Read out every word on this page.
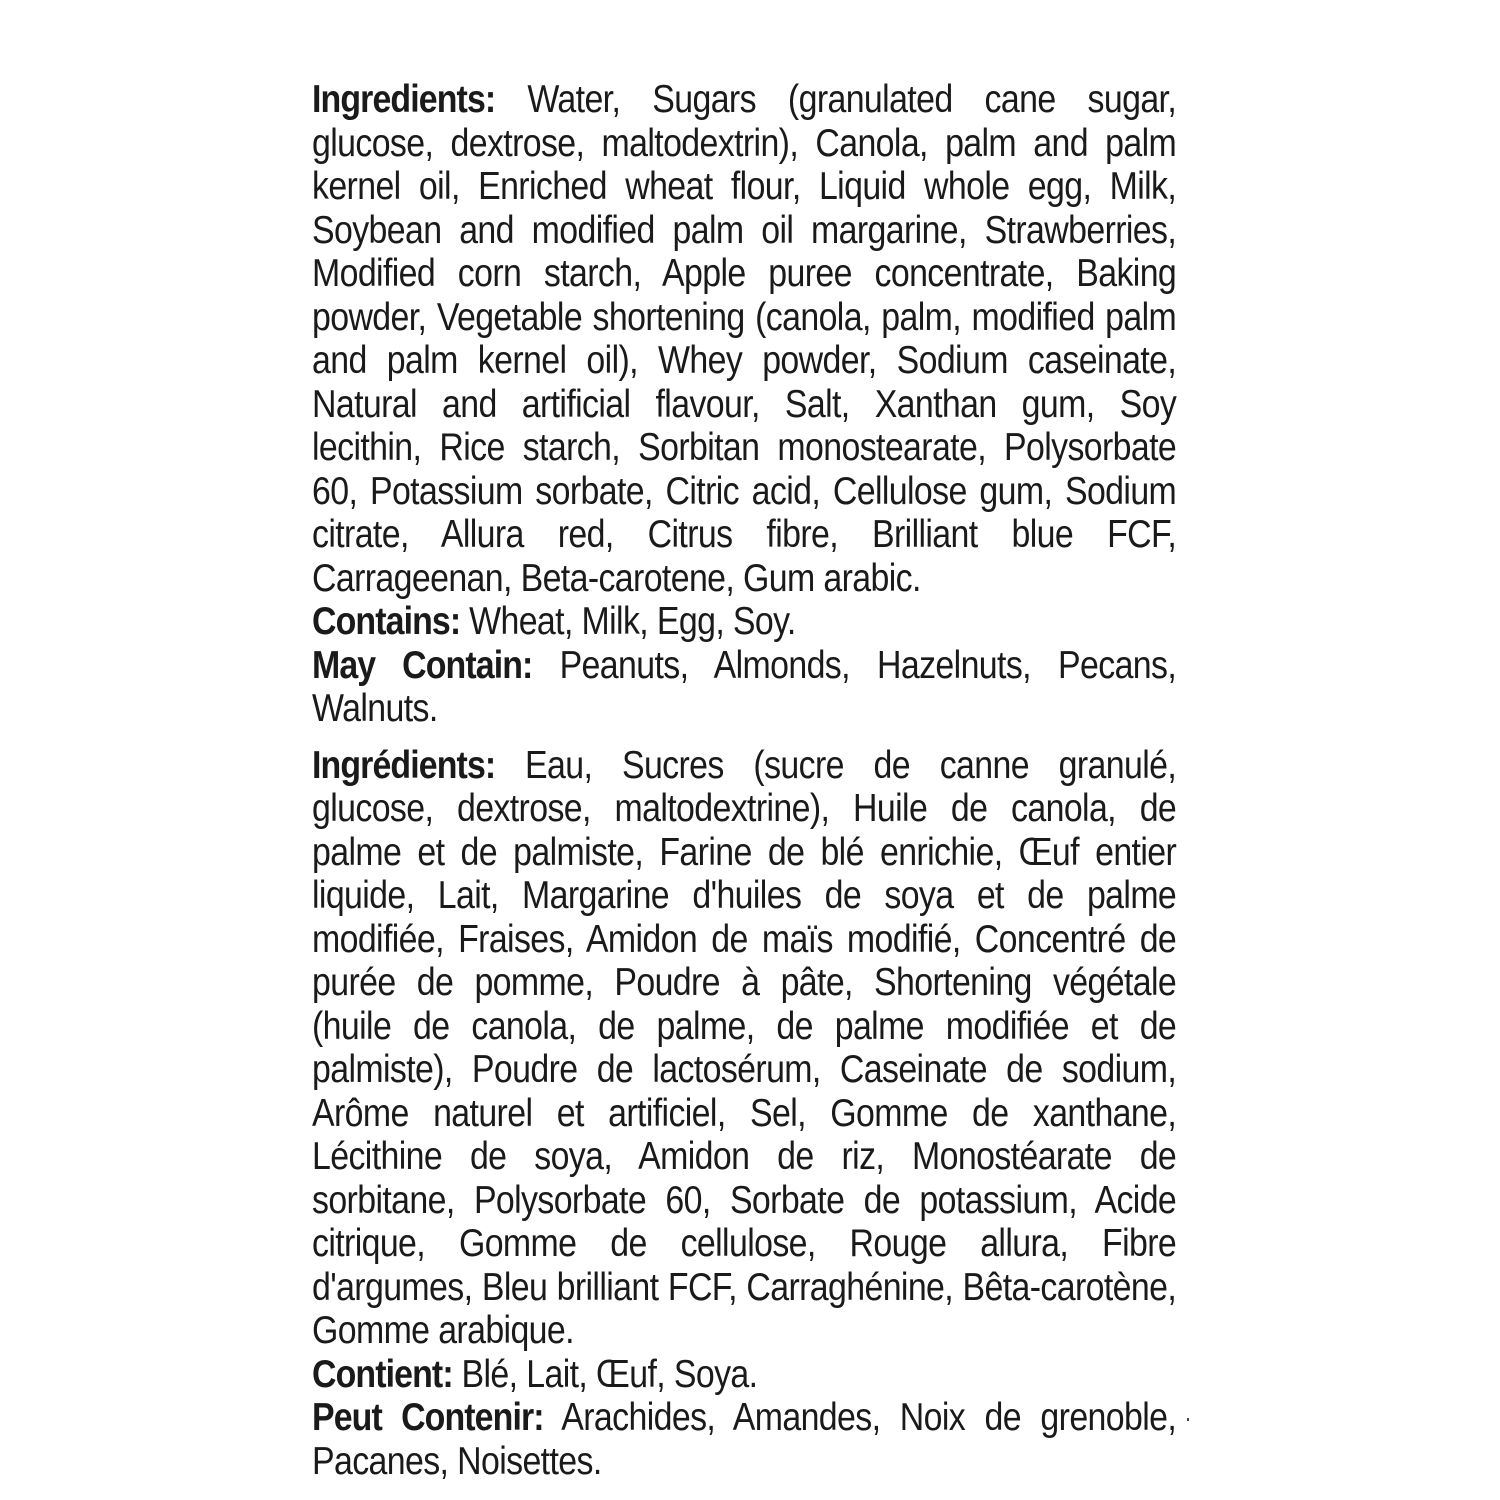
Ingredients: Water, Sugars (granulated cane sugar, glucose, dextrose, maltodextrin), Canola, palm and palm kernel oil, Enriched wheat flour, Liquid whole egg, Milk, Soybean and modified palm oil margarine, Strawberries, Modified corn starch, Apple puree concentrate, Baking powder, Vegetable shortening (canola, palm, modified palm and palm kernel oil), Whey powder, Sodium caseinate, Natural and artificial flavour, Salt, Xanthan gum, Soy lecithin, Rice starch, Sorbitan monostearate, Polysorbate 60, Potassium sorbate, Citric acid, Cellulose gum, Sodium citrate, Allura red, Citrus fibre, Brilliant blue FCF, Carrageenan, Beta-carotene, Gum arabic.

Contains: Wheat, Milk, Egg, Soy.

May Contain: Peanuts, Almonds, Hazelnuts, Pecans, Walnuts.

Ingrédients: Eau, Sucres (sucre de canne granulé, glucose, dextrose, maltodextrine), Huile de canola, de palme et de palmiste, Farine de blé enrichie, Œuf entier liquide, Lait, Margarine d'huiles de soya et de palme modifiée, Fraises, Amidon de maïs modifié, Concentré de purée de pomme, Poudre à pâte, Shortening végétale (huile de canola, de palme, de palme modifiée et de palmiste), Poudre de lactosérum, Caseinate de sodium, Arôme naturel et artificiel, Sel, Gomme de xanthane, Lécithine de soya, Amidon de riz, Monostéarate de sorbitane, Polysorbate 60, Sorbate de potassium, Acide citrique, Gomme de cellulose, Rouge allura, Fibre d'argumes, Bleu brilliant FCF, Carraghénine, Bêta-carotène, Gomme arabique.

Contient: Blé, Lait, Œuf, Soya.

Peut Contenir: Arachides, Amandes, Noix de grenoble, Pacanes, Noisettes.
